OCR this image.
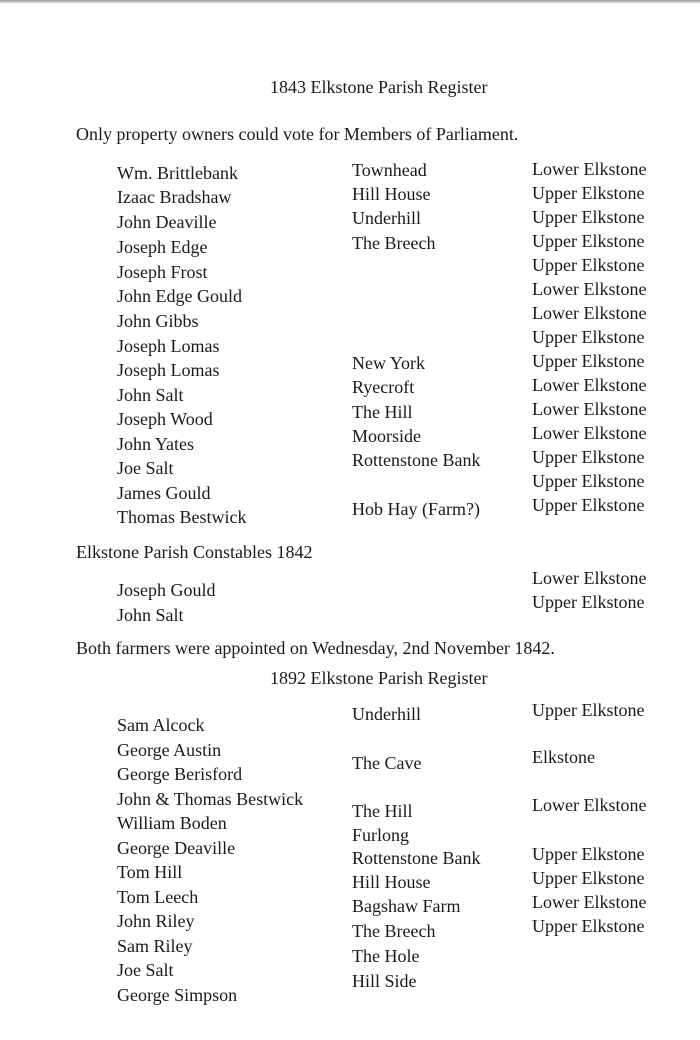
1843 Elkstone Parish Register
Only property owners could vote for Members of Parliament.
Wm. Brittlebank
Izaac Bradshaw
John Deaville
Joseph Edge
Joseph Frost
John Edge Gould
John Gibbs
Joseph Lomas
Joseph Lomas
John Salt
Joseph Wood
John Yates
Joe Salt
James Gould
Thomas Bestwick
Townhead
Hill House
Underhill
The Breech
New York
Ryecroft
The Hill
Moorside
Rottenstone Bank
Hob Hay (Farm?)
Lower Elkstone
Upper Elkstone
Upper Elkstone
Upper Elkstone
Upper Elkstone
Lower Elkstone
Lower Elkstone
Upper Elkstone
Upper Elkstone
Lower Elkstone
Lower Elkstone
Lower Elkstone
Upper Elkstone
Upper Elkstone
Upper Elkstone
Elkstone Parish Constables 1842
Joseph Gould
John Salt
Lower Elkstone
Upper Elkstone
Both farmers were appointed on Wednesday, 2nd November 1842.
1892 Elkstone Parish Register
Sam Alcock
George Austin
George Berisford
John & Thomas Bestwick
William Boden
George Deaville
Tom Hill
Tom Leech
John Riley
Sam Riley
Joe Salt
George Simpson
Underhill
The Cave
The Hill
Furlong
Rottenstone Bank
Hill House
Bagshaw Farm
The Breech
The Hole
Hill Side
Upper Elkstone
Elkstone
Lower Elkstone
Upper Elkstone
Upper Elkstone
Lower Elkstone
Upper Elkstone
